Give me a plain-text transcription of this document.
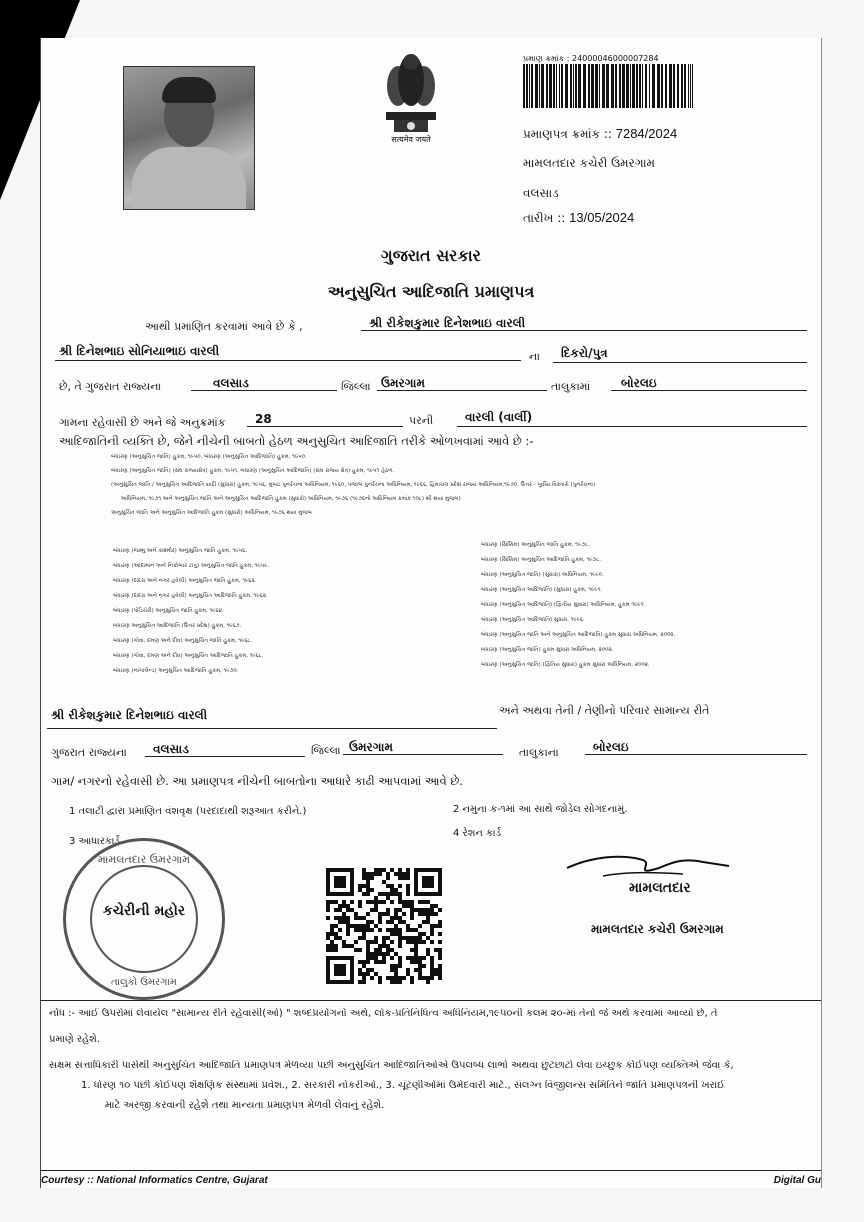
सत्यमेव जयते
પ્રમાણ ક્રમાંક : 24000046000007284
પ્રમાણપત્ર ક્રમાંક :: 7284/2024
મામલતદાર કચેરી ઉમરગામ
વલસાડ
તારીખ :: 13/05/2024
ગુજરાત સરકાર
અનુસુચિત આદિજાતિ પ્રમાણપત્ર
આથી પ્રમાણિત કરવામાં આવે છે કે ,	શ્રી રીકેશકુમાર દિનેશભાઇ વારલી
શ્રી દિનેશભાઇ સોનિયાભાઇ વારલી	ના દિકરો/પુત્ર
છે, તે ગુજરાત રાજ્યના	વલસાડ	જિલ્લા ઉમરગામ	તાલુકામાં	બોરલઇ
ગામના રહેવાસી છે અને જે અનુક્રમાંક 28	પરની	વારલી (વાર્લી)
આદિજાતિની વ્યક્તિ છે, જેને નીચેની બાબતો હેઠળ અનુસુચિત આદિજાતિ તરીકે ઓળખવામાં આવે છે :-
બંધારણ (અનુસુચિત જાતિ) હુકમ, ૧૯૫૦, બંધારણ (અનુસુચિત આદિજાતિ) હુકમ, ૧૯૫૦.
બંધારણ (અનુસુચિત જાતિ) (સંઘ રાજ્યક્ષેત્ર) હુકમ, ૧૯૫૧, બંધારણ (અનુસુચિત આદિજાતિ) (સંઘ રાજ્ય ક્ષેત્ર) હુકમ, ૧૯૫૧ હેઠળ.
(અનુસુચિત જાતિ / અનુસુચિત આદિજાતિ યાદી (સુધારા) હુકમ, ૧૯૫૬, મુંબઇ પુનર્રચના અધિનિયમ, ૧૯૬૦, પંજાબ પુનર્રચના અધિનિયમ, ૧૯૬૬, હિમાચલ પ્રદેશ રાજ્ય અધિનિયમ,૧૯૭૦, ઉત્તર - પૂર્વીય વિસ્તારો (પુનર્રચના)
અધિનિયમ, ૧૯૭૧ અને અનુસુચિત જાતિ અને અનુસુચિત આદિજાતિ હુકમ (સુધારો) અધિનિયમ, ૧૯૭૬ (૧૯૭૬નો અધિનિયમ ક્રમાંક ૧૦૮) થી થયા મુજબ)
અનુસુચિત જાતિ અને અનુસુચિત આદિજાતિ હુકમ (સુધારો) અધિનિયમ, ૧૯૭૬ થયા મુજબ
બંધારણ (જમ્મુ અને કાશ્મીર) અનુસુચિત જાતિ હુકમ, ૧૯૫૬.
બંધારણ (આંદામાન અને નિકોબાર ટાપુ) અનુસુચિત જાતિ હુકમ, ૧૯૫૯.
બંધારણ (દાદરા અને નગર હવેલી) અનુસુચિત જાતિ હુકમ, ૧૯૬૨.
બંધારણ (દાદરા અને નગર હવેલી) અનુસુચિત આદિજાતિ હુકમ, ૧૯૬૨.
બંધારણ (પોંડિચેરી) અનુસુચિત જાતિ હુકમ, ૧૯૬૪.
બંધારણ અનુસુચિત આદિજાતિ (ઉત્તર પ્રદેશ) હુકમ, ૧૯૬૭.
બંધારણ (ગોવા, દમણ અને દીવ) અનુસુચિત જાતિ હુકમ, ૧૯૬૮.
બંધારણ (ગોવા, દમણ અને દીવ) અનુસુચિત આદિજાતિ હુકમ, ૧૯૬૮.
બંધારણ (નાગાલેન્ડ) અનુસુચિત આદિજાતિ હુકમ, ૧૯૭૦.
બંધારણ (સિક્કિમ) અનુસુચિત જાતિ હુકમ, ૧૯૭૮.
બંધારણ (સિક્કિમ) અનુસુચિત આદિજાતિ હુકમ, ૧૯૭૮.
બંધારણ (અનુસુચિત જાતિ) (સુધારા) અધિનિયમ, ૧૯૯૦.
બંધારણ (અનુસુચિત આદિજાતિ) (સુધારા) હુકમ, ૧૯૯૧.
બંધારણ (અનુસુચિત આદિજાતિ) (દ્વિતીય સુધારા) અધિનિયમ, હુકમ ૧૯૯૧.
બંધારણ (અનુસુચિત આદિજાતિ) સુધારા, ૧૯૯૬.
બંધારણ (અનુસુચિત જાતિ અને અનુસુચિત આદિજાતિ) હુકમ સુધારા અધિનિયમ, ૨૦૦૨.
બંધારણ (અનુસુચિત જાતિ) હુકમ સુધારા અધિનિયમ, ૨૦૦૨.
બંધારણ (અનુસુચિત જાતિ) (દ્વિતિય સુધારા) હુકમ સુધારા અધિનિયમ, ૨૦૦૨.
શ્રી રીકેશકુમાર દિનેશભાઇ વારલી	અને અથવા તેની / તેણીનો પરિવાર સામાન્ય રીતે
ગુજરાત રાજ્યના વલસાડ	જિલ્લા ઉમરગામ	તાલુકાના	બોરલઇ
ગામ/ નગરનો રહેવાસી છે. આ પ્રમાણપત્ર નીચેની બાબતોના આધારે કાઢી આપવામાં આવે છે.
1 તલાટી દ્વારા પ્રમાણિત વંશવૃક્ષ (પરદાદાથી શરૂઆત કરીને.)	2 નમુના ક-૧માં આ સાથે જોડેલ સોગંદનામું.
3 આધારકાર્ડ
4 રેશન કાર્ડ
મામલતદાર ઉમરગામ
કચેરીની મહોર
તાલુકો ઉમરગામ
મામલતદાર
મામલતદાર કચેરી ઉમરગામ
નોંધ :- આઈ ઉપરોમાં લેવાયેલ "સામાન્ય રીતે રહેવાસી(ઓ) " શબ્દપ્રયોગનો અર્થ, લોક-પ્રતિનિધિત્વ અધિનિયમ,૧૯૫૦ની કલમ ૨૦-માં તેનો જે અર્થ કરવામાં આવ્યો છે, તે
પ્રમાણે રહેશે.
સક્ષમ સત્તાધિકારી પાસેથી અનુસુચિત આદિજાતિ પ્રમાણપત્ર મેળવ્યા પછી અનુસુચિત આદિજાતિઓએ ઉપલબ્ધ લાભો અથવા છુટછાટો લેવા ઇચ્છુક કોઈપણ વ્યક્તિએ જેવા કે,
1. ધોરણ ૧૦ પછી કોઈપણ શૈક્ષણિક સંસ્થામાં પ્રવેશ., 2. સરકારી નોકરીઓ., 3. ચૂંટણીઓમાં ઉમેદવારી માટે., સંલગ્ન વિજીલન્સ સમિતિને જાતિ પ્રમાણપત્રની ખરાઈ
માટે અરજી કરવાની રહેશે તથા માન્યતા પ્રમાણપત્ર મેળવી લેવાનું રહેશે.
Courtesy :: National Informatics Centre, Gujarat	Digital Gu
